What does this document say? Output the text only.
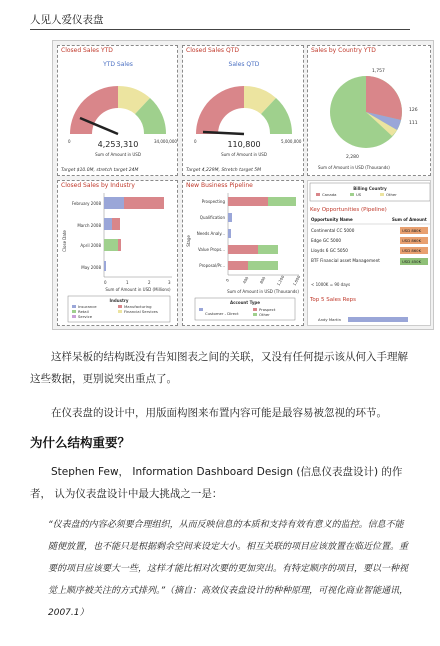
人见人爱仪表盘
Closed Sales YTD
YTD Sales
0	34,000,000
4,253,310
Sum of Amount in USD
Target $10.0M, stretch target 24M
Closed Sales QTD
Sales QTD
0	5,000,000
110,800
Sum of Amount in USD
Target 4,229M, Stretch target 5M
Sales by Country YTD
1,757
126
111
2,280
Sum of Amount in USD (Thousands)
Closed Sales by Industry
Close Date
February 2008
March 2008
April 2008
May 2008
0	1	2	3
Sum of Amount in USD (Millions)
Industry
Insurance	Manufacturing
Retail	Financial Services
Service
New Business Pipeline
Stage
Prospecting
Qualification
Needs Analy...
Value Props...
Proposal/Pr...
0	400 800 1,200 1,600
Sum of Amount in USD (Thousands)
Account Type
Customer - Direct
Prospect
Other
Billing Country
Canada	US	Other
Key Opportunities (Pipeline)
Opportunity Name	Sum of Amount
Continental CC 5000	USD 880K
Edge GC 5000	USD 860K
Lloyds 6 GC 5050	USD 860K
BTF Financial asset Management	USD 450K
< 1000K = 90 days
Top 5 Sales Reps
Andy Martin
这样呆板的结构既没有告知图表之间的关联，又没有任何提示该从何入手理解这些数据，更别说突出重点了。
在仪表盘的设计中，用版面构图来布置内容可能是最容易被忽视的环节。
为什么结构重要？
Stephen Few， Information Dashboard Design (信息仪表盘设计) 的作者， 认为仪表盘设计中最大挑战之一是：
“仪表盘的内容必须要合理组织，从而反映信息的本质和支持有效有意义的监控。信息不能随便放置，也不能只是根据剩余空间来设定大小。相互关联的项目应该放置在临近位置。重要的项目应该要大一些，这样才能比相对次要的更加突出。有特定顺序的项目，要以一种视觉上顺序被关注的方式排列。”（摘自：高效仪表盘设计的种种原理，可视化商业智能通讯， 2007.1）
